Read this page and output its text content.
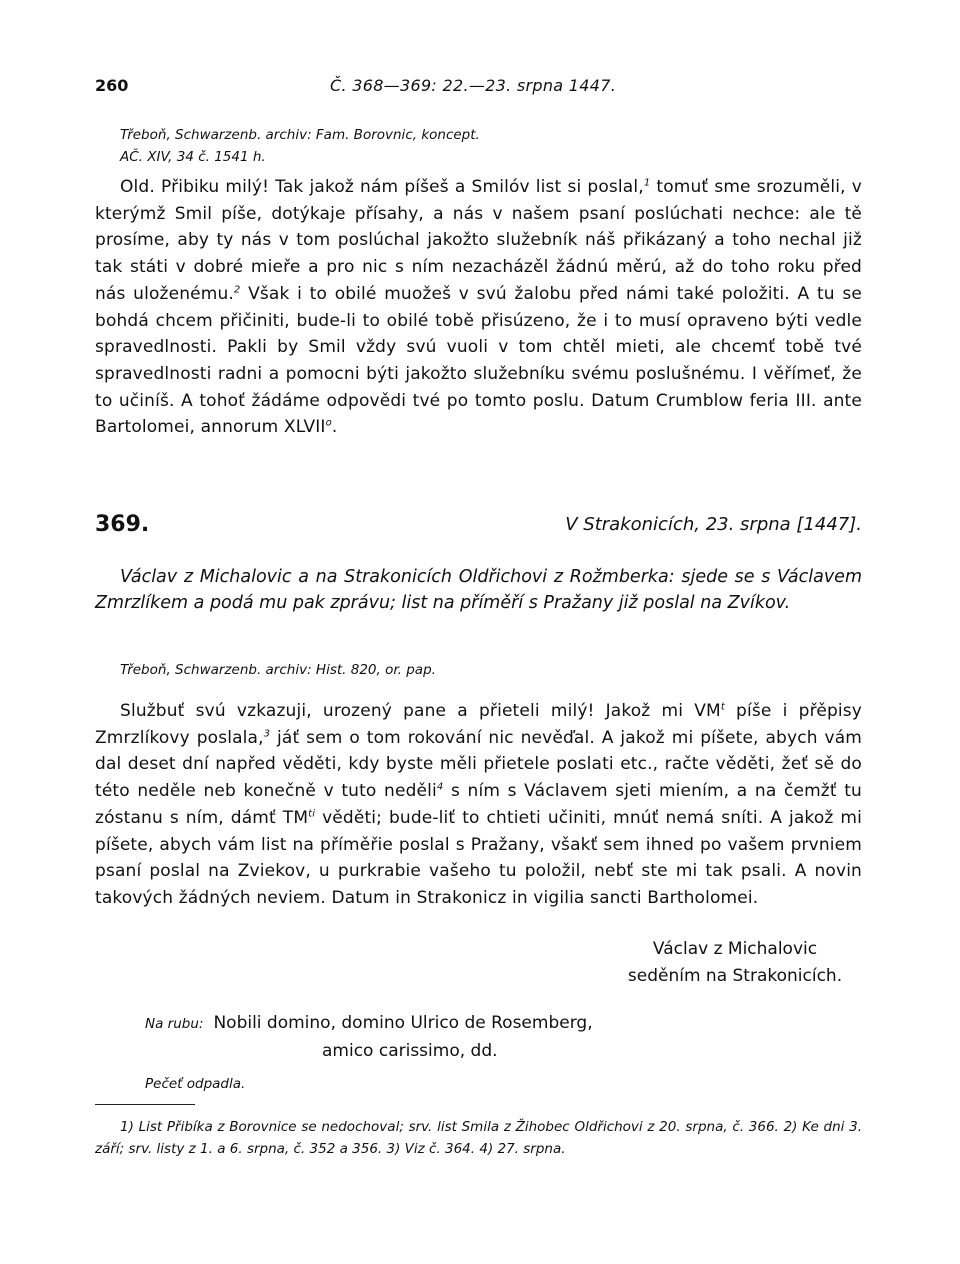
260	Č. 368—369: 22.—23. srpna 1447.
Třeboň, Schwarzenb. archiv: Fam. Borovnic, koncept.
AČ. XIV, 34 č. 1541 h.

Old. Přibiku milý! Tak jakož nám píšeš a Smilóv list si poslal,$^1$ tomuť sme srozuměli, v kterýmž Smil píše, dotýkaje přísahy, a nás v našem psaní poslúchati nechce: ale tě prosíme, aby ty nás v tom poslúchal jakožto služebník náš přikázaný a toho nechal již tak státi v dobré mieře a pro nic s ním nezacházěl žádnú měrú, až do toho roku před nás uloženému.$^2$ Však i to obilé muožeš v svú žalobu před námi také položiti. A tu se bohdá chcem přičiniti, bude-li to obilé tobě přisúzeno, že i to musí opraveno býti vedle spravedlnosti. Pakli by Smil vždy svú vuoli v tom chtěl mieti, ale chcemť tobě tvé spravedlnosti radni a pomocni býti jakožto služebníku svému poslušnému. I věřímeť, že to učiníš. A tohoť žádáme odpovědi tvé po tomto poslu. Datum Crumblow feria III. ante Bartolomei, annorum XLVII$^o$.

369.	V Strakonicích, 23. srpna [1447].

Václav z Michalovic a na Strakonicích Oldřichovi z Rožmberka: sjede se s Václavem Zmrzlíkem a podá mu pak zprávu; list na příměří s Pražany již poslal na Zvíkov.

Třeboň, Schwarzenb. archiv: Hist. 820, or. pap.

Službuť svú vzkazuji, urozený pane a přieteli milý! Jakož mi $VM^t$ píše i přěpisy Zmrzlíkovy poslala,$^3$ jáť sem o tom rokování nic nevěďal. A jakož mi píšete, abych vám dal deset dní napřed věděti, kdy byste měli přietele poslati etc., račte věděti, žeť sě do této neděle neb konečně v tuto neděli$^4$ s ním s Václavem sjeti miením, a na čemžť tu zóstanu s ním, dámť $TM^{ti}$ věděti; bude-liť to chtieti učiniti, mnúť nemá sníti. A jakož mi píšete, abych vám list na příměřie poslal s Pražany, všakť sem ihned po vašem prvniem psaní poslal na Zviekov, u purkrabie vašeho tu položil, nebť ste mi tak psali. A novin takových žádných neviem. Datum in Strakonicz in vigilia sancti Bartholomei.

Václav z Michalovic
seděním na Strakonicích.
Na rubu: Nobili domino, domino Ulrico de Rosemberg,
amico carissimo, dd.
Pečeť odpadla.

1) List Přibíka z Borovnice se nedochoval; srv. list Smila z Žihobec Oldřichovi z 20. srpna, č. 366. 2) Ke dni 3. září; srv. listy z 1. a 6. srpna, č. 352 a 356. 3) Viz č. 364. 4) 27. srpna.
